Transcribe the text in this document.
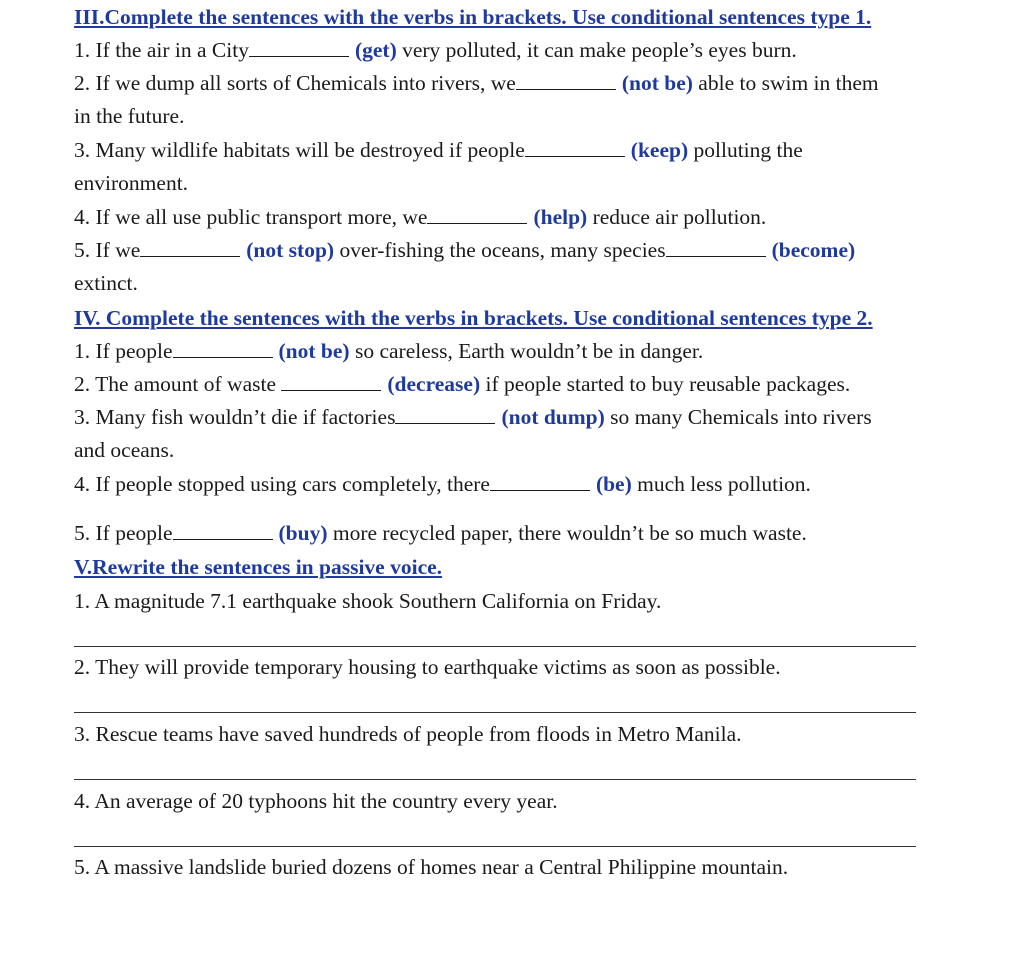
III.Complete the sentences with the verbs in brackets. Use conditional sentences type 1.
1. If the air in a City	(get) very polluted, it can make people’s eyes burn.
2. If we dump all sorts of Chemicals into rivers, we	(not be) able to swim in them
in the future.
3. Many wildlife habitats will be destroyed if people	(keep) polluting the
environment.
4. If we all use public transport more, we	(help) reduce air pollution.
5. If we	(not stop) over-fishing the oceans, many species	(become)
extinct.
IV. Complete the sentences with the verbs in brackets. Use conditional sentences type 2.
1. If people	(not be) so careless, Earth wouldn’t be in danger.
2. The amount of waste	(decrease) if people started to buy reusable packages.
3. Many fish wouldn’t die if factories	(not dump) so many Chemicals into rivers
and oceans.
4. If people stopped using cars completely, there	(be) much less pollution.
5. If people	(buy) more recycled paper, there wouldn’t be so much waste.
V.Rewrite the sentences in passive voice.
1. A magnitude 7.1 earthquake shook Southern California on Friday.
2. They will provide temporary housing to earthquake victims as soon as possible.
3. Rescue teams have saved hundreds of people from floods in Metro Manila.
4. An average of 20 typhoons hit the country every year.
5. A massive landslide buried dozens of homes near a Central Philippine mountain.
